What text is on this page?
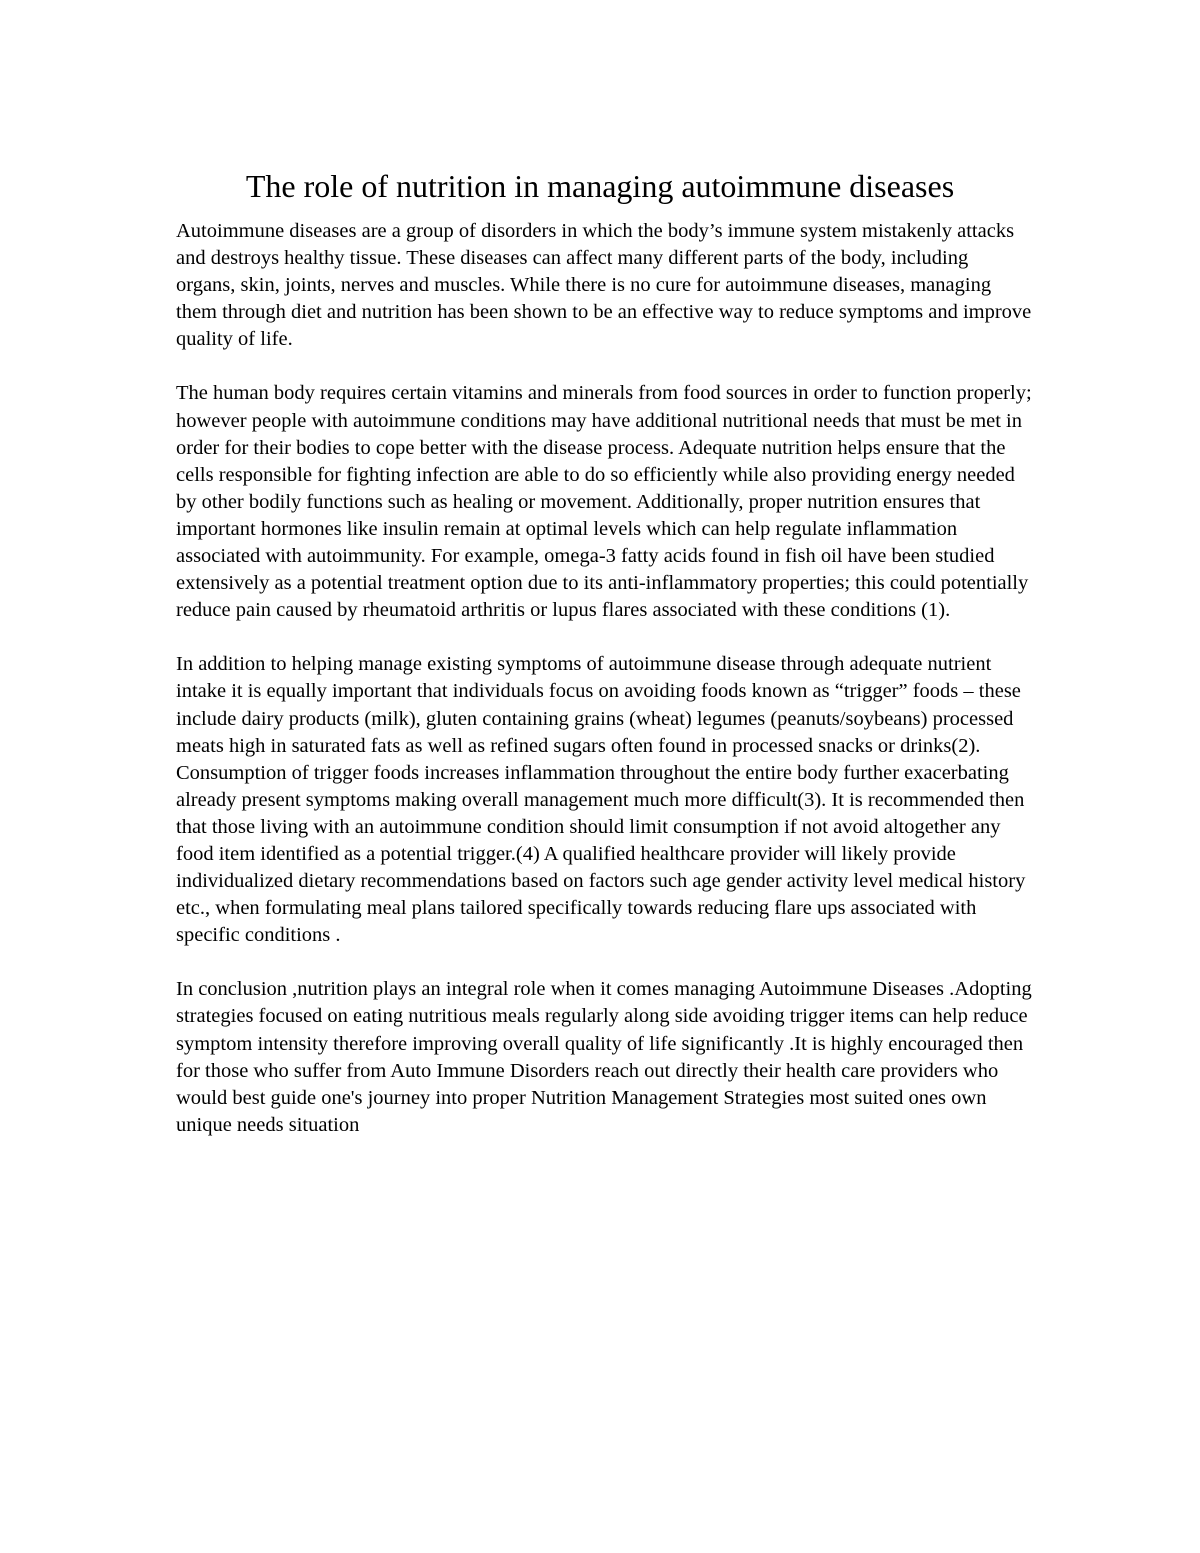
The role of nutrition in managing autoimmune diseases

Autoimmune diseases are a group of disorders in which the body’s immune system mistakenly attacks and destroys healthy tissue. These diseases can affect many different parts of the body, including organs, skin, joints, nerves and muscles. While there is no cure for autoimmune diseases, managing them through diet and nutrition has been shown to be an effective way to reduce symptoms and improve quality of life.

The human body requires certain vitamins and minerals from food sources in order to function properly; however people with autoimmune conditions may have additional nutritional needs that must be met in order for their bodies to cope better with the disease process. Adequate nutrition helps ensure that the cells responsible for fighting infection are able to do so efficiently while also providing energy needed by other bodily functions such as healing or movement. Additionally, proper nutrition ensures that important hormones like insulin remain at optimal levels which can help regulate inflammation associated with autoimmunity. For example, omega-3 fatty acids found in fish oil have been studied extensively as a potential treatment option due to its anti-inflammatory properties; this could potentially reduce pain caused by rheumatoid arthritis or lupus flares associated with these conditions (1).

In addition to helping manage existing symptoms of autoimmune disease through adequate nutrient intake it is equally important that individuals focus on avoiding foods known as “trigger” foods – these include dairy products (milk), gluten containing grains (wheat) legumes (peanuts/soybeans) processed meats high in saturated fats as well as refined sugars often found in processed snacks or drinks(2). Consumption of trigger foods increases inflammation throughout the entire body further exacerbating already present symptoms making overall management much more difficult(3). It is recommended then that those living with an autoimmune condition should limit consumption if not avoid altogether any food item identified as a potential trigger.(4) A qualified healthcare provider will likely provide individualized dietary recommendations based on factors such age gender activity level medical history etc., when formulating meal plans tailored specifically towards reducing flare ups associated with specific conditions .

In conclusion ,nutrition plays an integral role when it comes managing Autoimmune Diseases .Adopting strategies focused on eating nutritious meals regularly along side avoiding trigger items can help reduce symptom intensity therefore improving overall quality of life significantly .It is highly encouraged then for those who suffer from Auto Immune Disorders reach out directly their health care providers who would best guide one's journey into proper Nutrition Management Strategies most suited ones own unique needs situation
